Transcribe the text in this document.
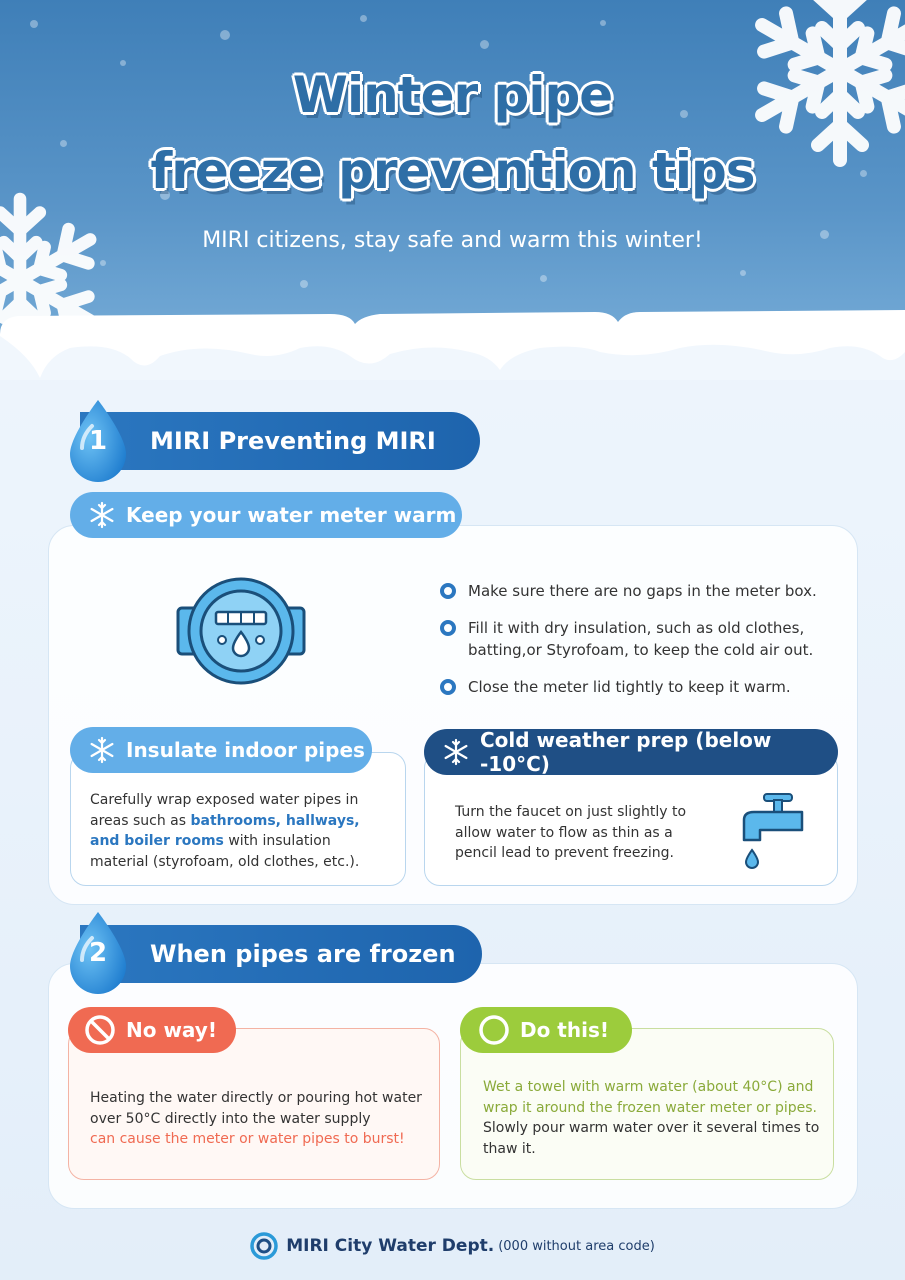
Winter pipe
freeze prevention tips
MIRI citizens, stay safe and warm this winter!
MIRI Preventing MIRI
1
Keep your water meter warm
Make sure there are no gaps in the meter box.
Fill it with dry insulation, such as old clothes, batting,or Styrofoam, to keep the cold air out.
Close the meter lid tightly to keep it warm.
Insulate indoor pipes
Carefully wrap exposed water pipes in areas such as bathrooms, hallways, and boiler rooms with insulation material (styrofoam, old clothes, etc.).
Cold weather prep (below -10°C)
Turn the faucet on just slightly to allow water to flow as thin as a pencil lead to prevent freezing.
When pipes are frozen
2
No way!
Heating the water directly or pouring hot water over 50°C directly into the water supply
can cause the meter or water pipes to burst!
Do this!
Wet a towel with warm water (about 40°C) and wrap it around the frozen water meter or pipes. Slowly pour warm water over it several times to thaw it.
MIRI City Water Dept. (000 without area code)
